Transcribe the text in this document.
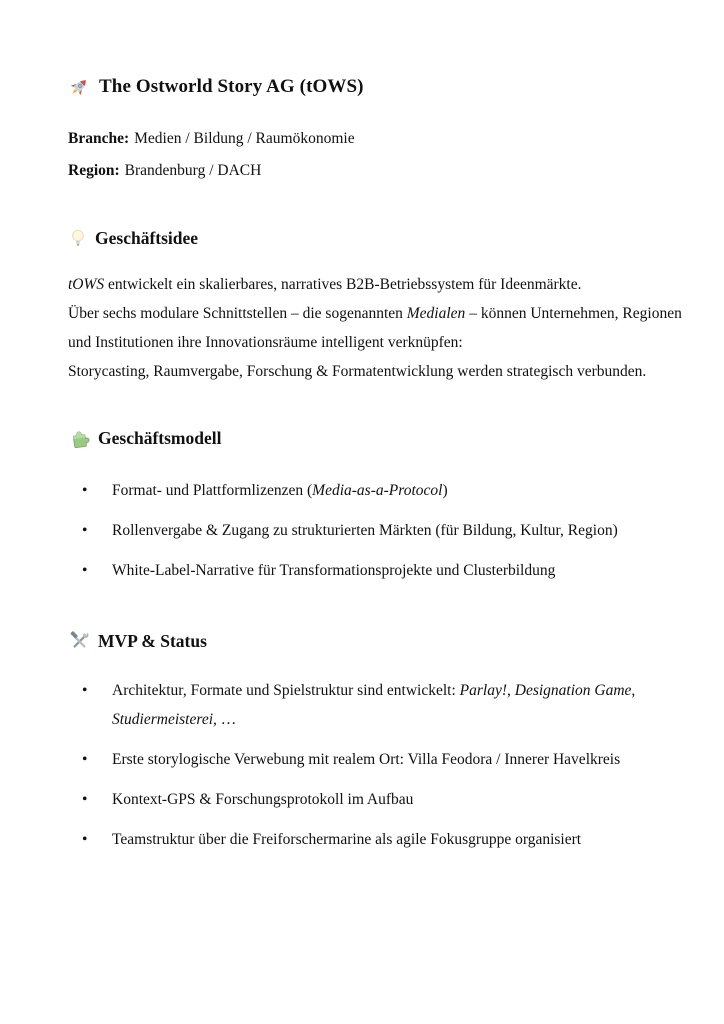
The Ostworld Story AG (tOWS)

Branche: Medien / Bildung / Raumökonomie

Region: Brandenburg / DACH

Geschäftsidee
tOWS entwickelt ein skalierbares, narratives B2B-Betriebssystem für Ideenmärkte.
Über sechs modulare Schnittstellen – die sogenannten Medialen – können Unternehmen, Regionen
und Institutionen ihre Innovationsräume intelligent verknüpfen:
Storycasting, Raumvergabe, Forschung & Formatentwicklung werden strategisch verbunden.
Geschäftsmodell
•	Format- und Plattformlizenzen (Media-as-a-Protocol)
•	Rollenvergabe & Zugang zu strukturierten Märkten (für Bildung, Kultur, Region)
•	White-Label-Narrative für Transformationsprojekte und Clusterbildung
MVP & Status
•	Architektur, Formate und Spielstruktur sind entwickelt: Parlay!, Designation Game,
Studiermeisterei, …
•	Erste storylogische Verwebung mit realem Ort: Villa Feodora / Innerer Havelkreis
•	Kontext-GPS & Forschungsprotokoll im Aufbau
•	Teamstruktur über die Freiforschermarine als agile Fokusgruppe organisiert
